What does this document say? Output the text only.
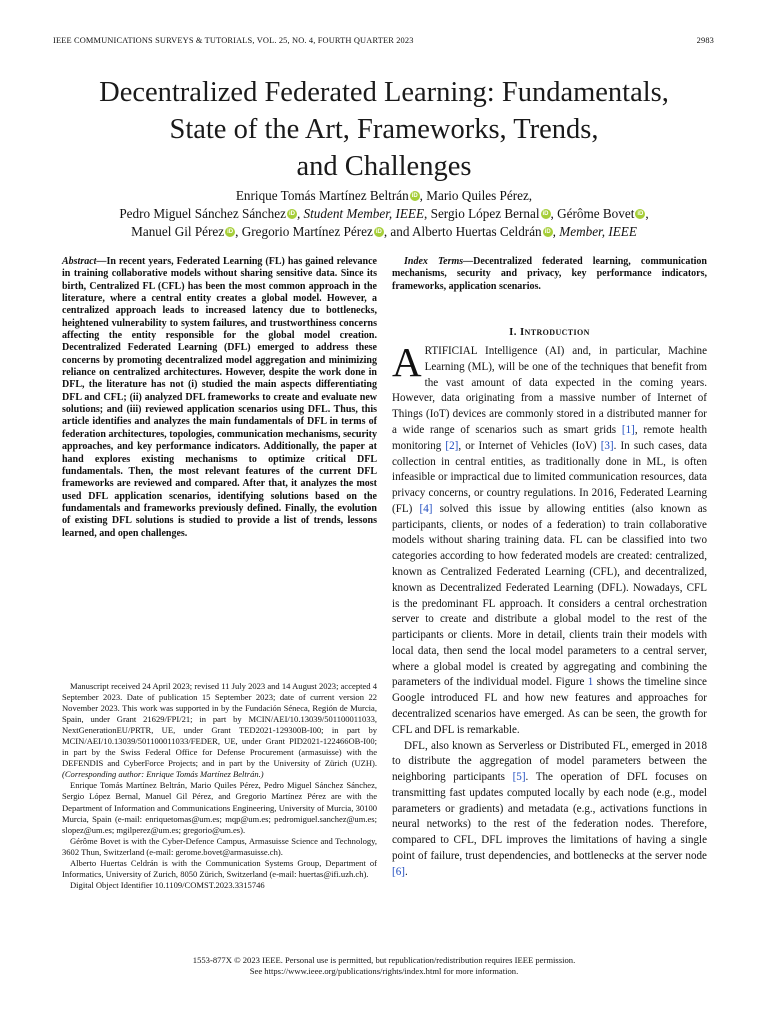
IEEE COMMUNICATIONS SURVEYS & TUTORIALS, VOL. 25, NO. 4, FOURTH QUARTER 2023	2983
Decentralized Federated Learning: Fundamentals,
State of the Art, Frameworks, Trends,
and Challenges
Enrique Tomás Martínez Beltrán iD , Mario Quiles Pérez,
Pedro Miguel Sánchez Sánchez iD , Student Member, IEEE, Sergio López Bernal iD , Gérôme Bovet iD ,
Manuel Gil Pérez iD , Gregorio Martínez Pérez iD , and Alberto Huertas Celdrán iD , Member, IEEE

Abstract—In recent years, Federated Learning (FL) has gained relevance in training collaborative models without sharing sensitive data. Since its birth, Centralized FL (CFL) has been the most common approach in the literature, where a central entity creates a global model. However, a centralized approach leads to increased latency due to bottlenecks, heightened vulnerability to system failures, and trustworthiness concerns affecting the entity responsible for the global model creation. Decentralized Federated Learning (DFL) emerged to address these concerns by promoting decentralized model aggregation and minimizing reliance on centralized architectures. However, despite the work done in DFL, the literature has not (i) studied the main aspects differentiating DFL and CFL; (ii) analyzed DFL frameworks to create and evaluate new solutions; and (iii) reviewed application scenarios using DFL. Thus, this article identifies and analyzes the main fundamentals of DFL in terms of federation architectures, topologies, communication mechanisms, security approaches, and key performance indicators. Additionally, the paper at hand explores existing mechanisms to optimize critical DFL fundamentals. Then, the most relevant features of the current DFL frameworks are reviewed and compared. After that, it analyzes the most used DFL application scenarios, identifying solutions based on the fundamentals and frameworks previously defined. Finally, the evolution of existing DFL solutions is studied to provide a list of trends, lessons learned, and open challenges.

Manuscript received 24 April 2023; revised 11 July 2023 and 14 August 2023; accepted 4 September 2023. Date of publication 15 September 2023; date of current version 22 November 2023. This work was supported in by the Fundación Séneca, Región de Murcia, Spain, under Grant 21629/FPI/21; in part by MCIN/AEI/10.13039/501100011033, NextGenerationEU/PRTR, UE, under Grant TED2021-129300B-I00; in part by MCIN/AEI/10.13039/501100011033/FEDER, UE, under Grant PID2021-122466OB-I00; in part by the Swiss Federal Office for Defense Procurement (armasuisse) with the DEFENDIS and CyberForce Projects; and in part by the University of Zürich (UZH). (Corresponding author: Enrique Tomás Martínez Beltrán.)

Enrique Tomás Martínez Beltrán, Mario Quiles Pérez, Pedro Miguel Sánchez Sánchez, Sergio López Bernal, Manuel Gil Pérez, and Gregorio Martínez Pérez are with the Department of Information and Communications Engineering, University of Murcia, 30100 Murcia, Spain (e-mail: enriquetomas@um.es; mqp@um.es; pedromiguel.sanchez@um.es; slopez@um.es; mgilperez@um.es; gregorio@um.es).

Gérôme Bovet is with the Cyber-Defence Campus, Armasuisse Science and Technology, 3602 Thun, Switzerland (e-mail: gerome.bovet@armasuisse.ch).

Alberto Huertas Celdrán is with the Communication Systems Group, Department of Informatics, University of Zurich, 8050 Zürich, Switzerland (e-mail: huertas@ifi.uzh.ch).

Digital Object Identifier 10.1109/COMST.2023.3315746

Index Terms—Decentralized federated learning, communication mechanisms, security and privacy, key performance indicators, frameworks, application scenarios.

I. Introduction

ARTIFICIAL Intelligence (AI) and, in particular, Machine Learning (ML), will be one of the techniques that benefit from the vast amount of data expected in the coming years. However, data originating from a massive number of Internet of Things (IoT) devices are commonly stored in a distributed manner for a wide range of scenarios such as smart grids [1], remote health monitoring [2], or Internet of Vehicles (IoV) [3]. In such cases, data collection in central entities, as traditionally done in ML, is often infeasible or impractical due to limited communication resources, data privacy concerns, or country regulations. In 2016, Federated Learning (FL) [4] solved this issue by allowing entities (also known as participants, clients, or nodes of a federation) to train collaborative models without sharing training data. FL can be classified into two categories according to how federated models are created: centralized, known as Centralized Federated Learning (CFL), and decentralized, known as Decentralized Federated Learning (DFL). Nowadays, CFL is the predominant FL approach. It considers a central orchestration server to create and distribute a global model to the rest of the participants or clients. More in detail, clients train their models with local data, then send the local model parameters to a central server, where a global model is created by aggregating and combining the parameters of the individual model. Figure 1 shows the timeline since Google introduced FL and how new features and approaches for decentralized scenarios have emerged. As can be seen, the growth for CFL and DFL is remarkable.

DFL, also known as Serverless or Distributed FL, emerged in 2018 to distribute the aggregation of model parameters between the neighboring participants [5]. The operation of DFL focuses on transmitting fast updates computed locally by each node (e.g., model parameters or gradients) and metadata (e.g., activations functions in neural networks) to the rest of the federation nodes. Therefore, compared to CFL, DFL improves the limitations of having a single point of failure, trust dependencies, and bottlenecks at the server node [6].

1553-877X © 2023 IEEE. Personal use is permitted, but republication/redistribution requires IEEE permission.
See https://www.ieee.org/publications/rights/index.html for more information.
